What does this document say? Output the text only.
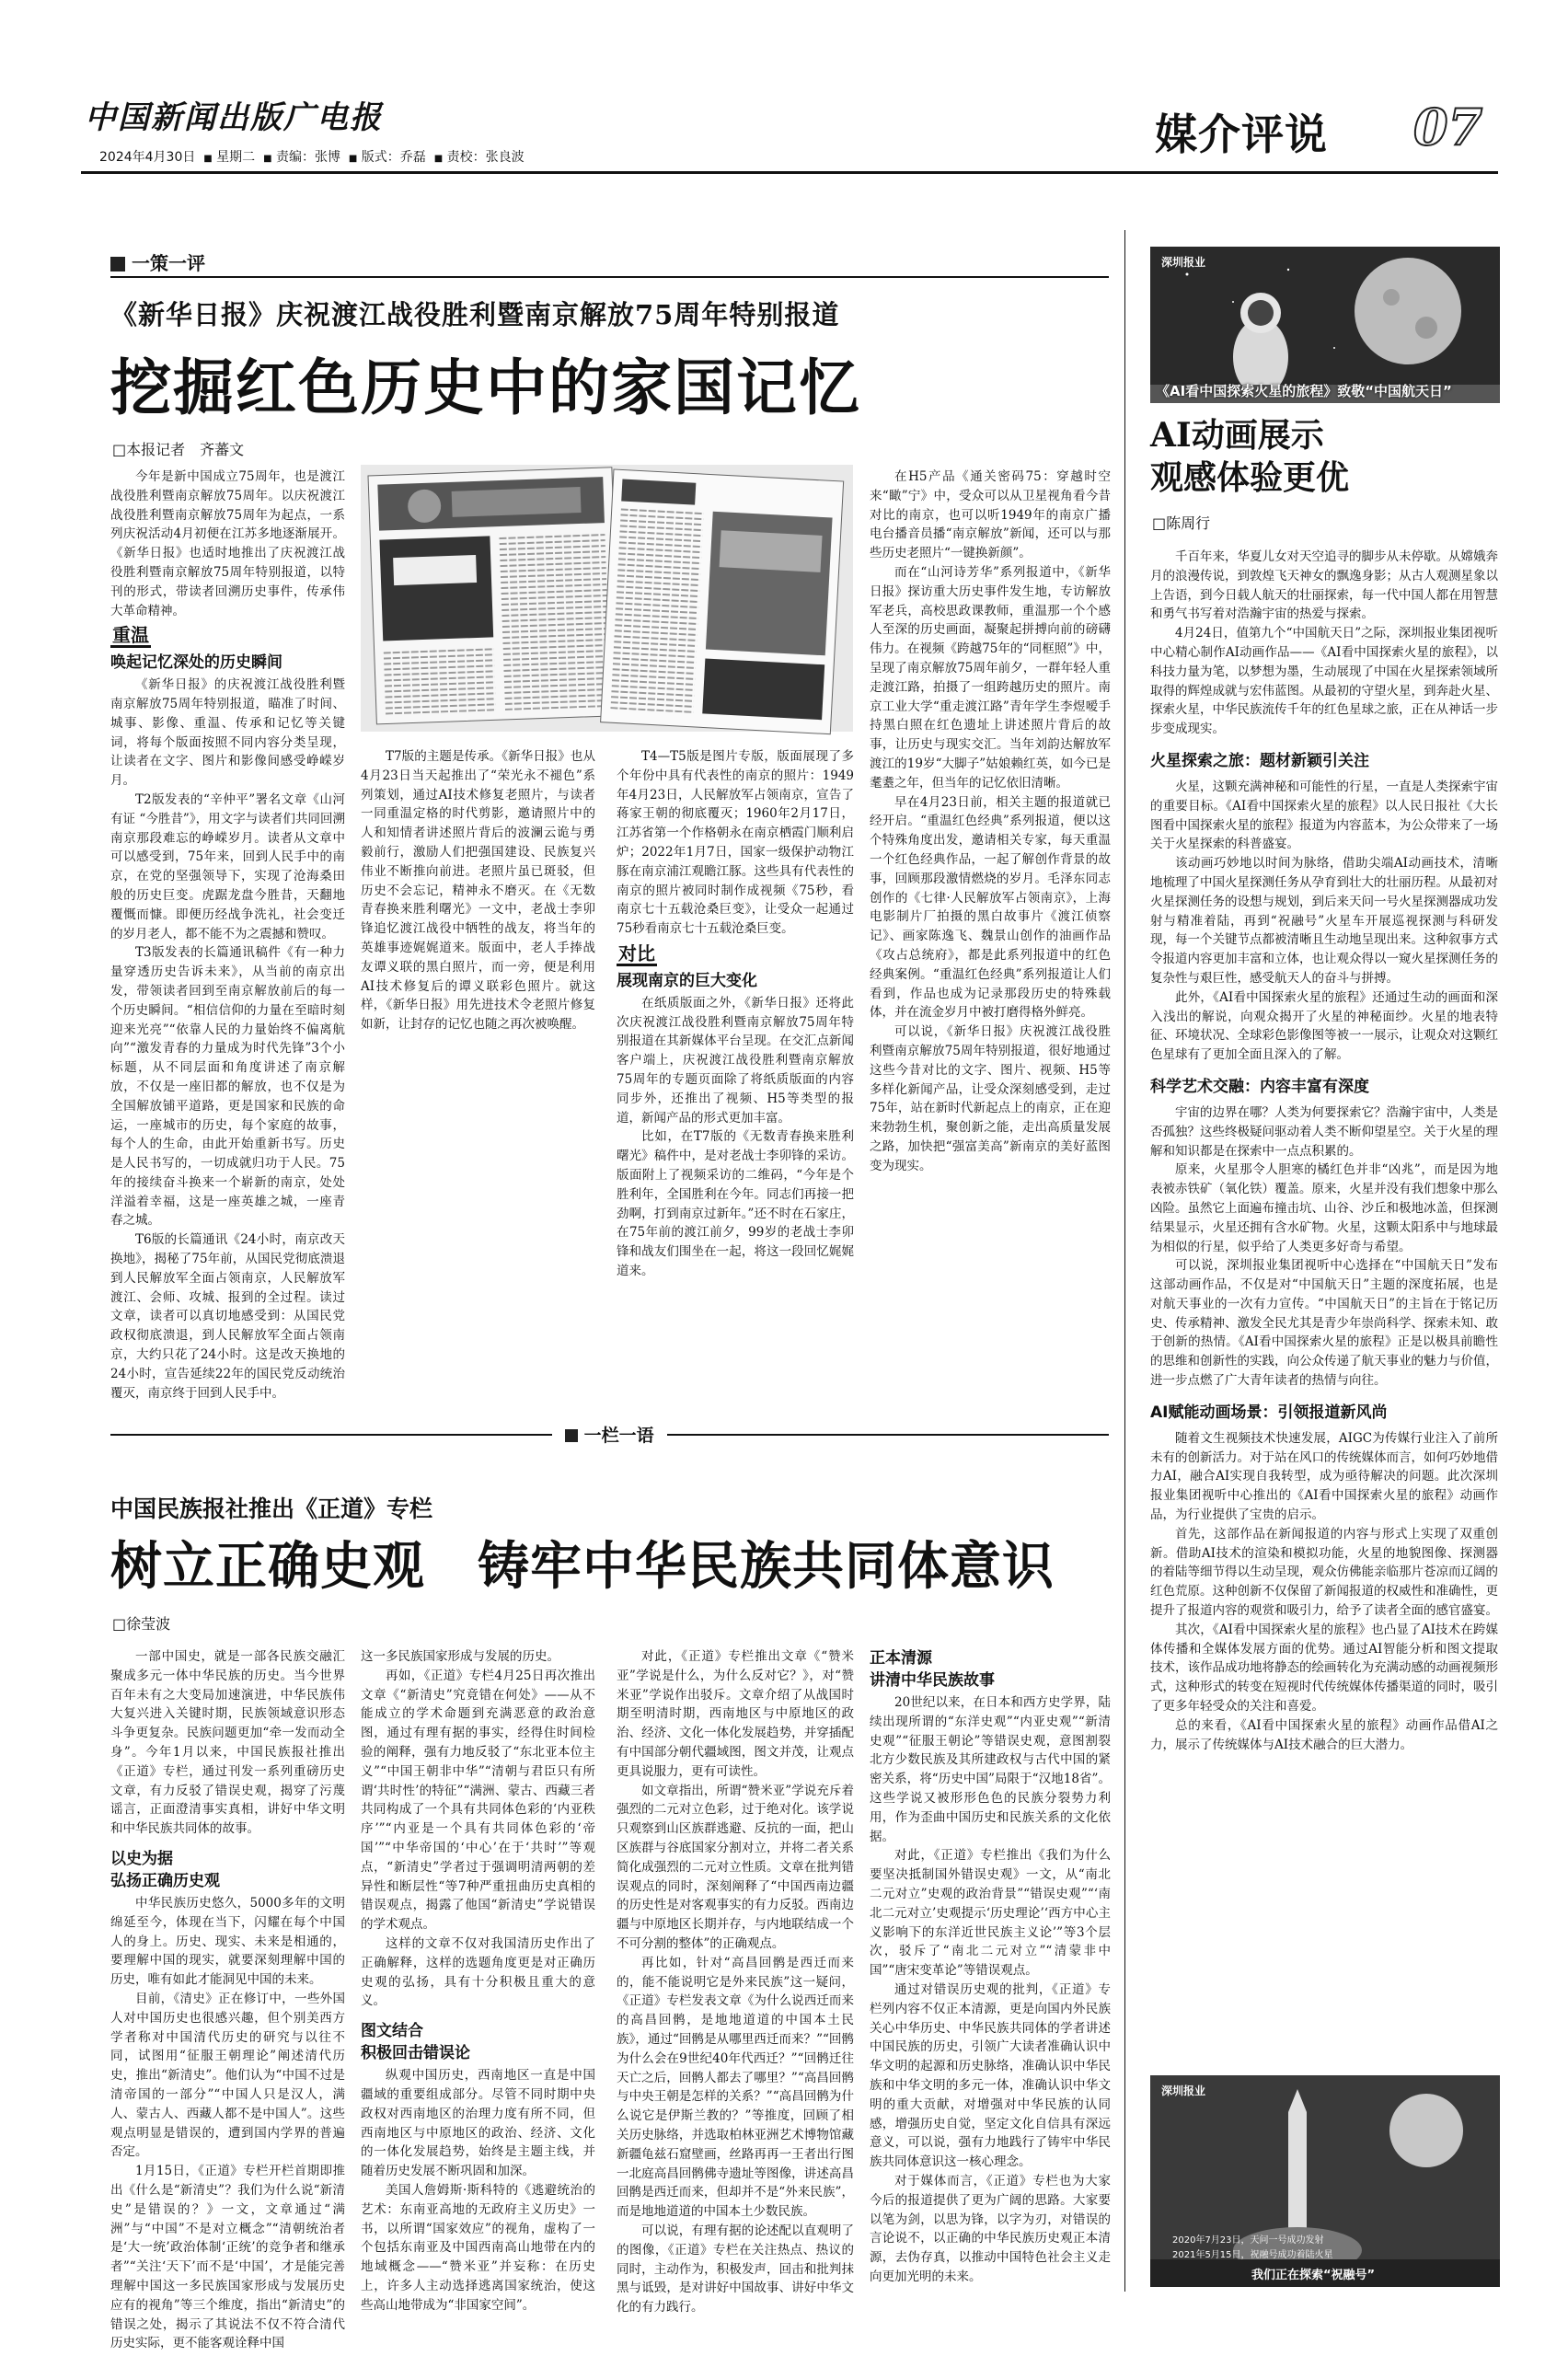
中国新闻出版广电报
2024年4月30日 ■ 星期二 ■ 责编：张博 ■ 版式：乔磊 ■ 责校：张良波	媒介评说 07
一策一评
《新华日报》庆祝渡江战役胜利暨南京解放75周年特别报道
挖掘红色历史中的家国记忆
□本报记者　齐蕃文

今年是新中国成立75周年，也是渡江战役胜利暨南京解放75周年。以庆祝渡江战役胜利暨南京解放75周年为起点，一系列庆祝活动4月初便在江苏多地逐渐展开。《新华日报》也适时地推出了庆祝渡江战役胜利暨南京解放75周年特别报道，以特刊的形式，带读者回溯历史事件，传承伟大革命精神。

重温
唤起记忆深处的历史瞬间

《新华日报》的庆祝渡江战役胜利暨南京解放75周年特别报道，瞄准了时间、城事、影像、重温、传承和记忆等关键词，将每个版面按照不同内容分类呈现，让读者在文字、图片和影像间感受峥嵘岁月。

T2版发表的“辛仲平”署名文章《山河有证 “今胜昔”》，用文字与读者们共同回溯南京那段难忘的峥嵘岁月。读者从文章中可以感受到，75年来，回到人民手中的南京，在党的坚强领导下，实现了沧海桑田般的历史巨变。虎踞龙盘今胜昔，天翻地覆慨而慷。即便历经战争洗礼，社会变迁的岁月老人，都不能不为之震撼和赞叹。

T3版发表的长篇通讯稿件《有一种力量穿透历史告诉未来》，从当前的南京出发，带领读者回到至南京解放前后的每一个历史瞬间。“相信信仰的力量在至暗时刻迎来光亮”“依靠人民的力量始终不偏离航向”“激发青春的力量成为时代先锋”3个小标题，从不同层面和角度讲述了南京解放，不仅是一座旧都的解放，也不仅是为全国解放铺平道路，更是国家和民族的命运，一座城市的历史，每个家庭的故事，每个人的生命，由此开始重新书写。历史是人民书写的，一切成就归功于人民。75年的接续奋斗换来一个崭新的南京，处处洋溢着幸福，这是一座英雄之城，一座青春之城。

T6版的长篇通讯《24小时，南京改天换地》，揭秘了75年前，从国民党彻底溃退到人民解放军全面占领南京，人民解放军渡江、会师、攻城、报到的全过程。读过文章，读者可以真切地感受到：从国民党政权彻底溃退，到人民解放军全面占领南京，大约只花了24小时。这是改天换地的24小时，宣告延续22年的国民党反动统治覆灭，南京终于回到人民手中。

T7版的主题是传承。《新华日报》也从4月23日当天起推出了“荣光永不褪色”系列策划，通过AI技术修复老照片，与读者一同重温定格的时代剪影，邀请照片中的人和知情者讲述照片背后的波澜云诡与勇毅前行，激励人们把强国建设、民族复兴伟业不断推向前进。老照片虽已斑驳，但历史不会忘记，精神永不磨灭。在《无数青春换来胜利曙光》一文中，老战士李卯锋追忆渡江战役中牺牲的战友，将当年的英雄事迹娓娓道来。版面中，老人手捧战友谭义联的黑白照片，而一旁，便是利用AI技术修复后的谭义联彩色照片。就这样，《新华日报》用先进技术令老照片修复如新，让封存的记忆也随之再次被唤醒。

T4—T5版是图片专版，版面展现了多个年份中具有代表性的南京的照片：1949年4月23日，人民解放军占领南京，宣告了蒋家王朝的彻底覆灭；1960年2月17日，江苏省第一个作格朝永在南京栖霞门顺利启炉；2022年1月7日，国家一级保护动物江豚在南京浦江观瞻江豚。这些具有代表性的南京的照片被同时制作成视频《75秒，看南京七十五载沧桑巨变》，让受众一起通过75秒看南京七十五载沧桑巨变。

对比
展现南京的巨大变化

在纸质版面之外，《新华日报》还将此次庆祝渡江战役胜利暨南京解放75周年特别报道在其新媒体平台呈现。在交汇点新闻客户端上，庆祝渡江战役胜利暨南京解放75周年的专题页面除了将纸质版面的内容同步外，还推出了视频、H5等类型的报道，新闻产品的形式更加丰富。

比如，在T7版的《无数青春换来胜利曙光》稿件中，是对老战士李卯锋的采访。版面附上了视频采访的二维码，“今年是个胜利年，全国胜利在今年。同志们再接一把劲啊，打到南京过新年。”还不时在石家庄，在75年前的渡江前夕，99岁的老战士李卯锋和战友们围坐在一起，将这一段回忆娓娓道来。

在H5产品《通关密码75：穿越时空来“瞰”宁》中，受众可以从卫星视角看今昔对比的南京，也可以听1949年的南京广播电台播音员播“南京解放”新闻，还可以与那些历史老照片“一键换新颜”。

而在“山河诗芳华”系列报道中，《新华日报》探访重大历史事件发生地，专访解放军老兵，高校思政课教师，重温那一个个感人至深的历史画面，凝聚起拼搏向前的磅礴伟力。在视频《跨越75年的“同框照”》中，呈现了南京解放75周年前夕，一群年轻人重走渡江路，拍摄了一组跨越历史的照片。南京工业大学“重走渡江路”青年学生李煜嗳手持黑白照在红色遗址上讲述照片背后的故事，让历史与现实交汇。当年刘韵达解放军渡江的19岁“大脚子”姑娘赖红英，如今已是耄耋之年，但当年的记忆依旧清晰。

早在4月23日前，相关主题的报道就已经开启。“重温红色经典”系列报道，便以这个特殊角度出发，邀请相关专家，每天重温一个红色经典作品，一起了解创作背景的故事，回顾那段激情燃烧的岁月。毛泽东同志创作的《七律·人民解放军占领南京》，上海电影制片厂拍摄的黑白故事片《渡江侦察记》、画家陈逸飞、魏景山创作的油画作品《攻占总统府》，都是此系列报道中的红色经典案例。“重温红色经典”系列报道让人们看到，作品也成为记录那段历史的特殊载体，并在流金岁月中被打磨得格外鲜亮。

可以说，《新华日报》庆祝渡江战役胜利暨南京解放75周年特别报道，很好地通过这些今昔对比的文字、图片、视频、H5等多样化新闻产品，让受众深刻感受到，走过75年，站在新时代新起点上的南京，正在迎来勃勃生机，聚创新之能，走出高质量发展之路，加快把“强富美高”新南京的美好蓝图变为现实。

一栏一语
中国民族报社推出《正道》专栏
树立正确史观　铸牢中华民族共同体意识
□徐莹波

一部中国史，就是一部各民族交融汇聚成多元一体中华民族的历史。当今世界百年未有之大变局加速演进，中华民族伟大复兴进入关键时期，民族领域意识形态斗争更复杂。民族问题更加“牵一发而动全身”。今年1月以来，中国民族报社推出《正道》专栏，通过刊发一系列重磅历史文章，有力反驳了错误史观，揭穿了污蔑谣言，正面澄清事实真相，讲好中华文明和中华民族共同体的故事。

以史为据
弘扬正确历史观

中华民族历史悠久，5000多年的文明绵延至今，体现在当下，闪耀在每个中国人的身上。历史、现实、未来是相通的，要理解中国的现实，就要深刻理解中国的历史，唯有如此才能洞见中国的未来。

目前，《清史》正在修订中，一些外国人对中国历史也很感兴趣，但个别美西方学者称对中国清代历史的研究与以往不同，试图用“征服王朝理论”阐述清代历史，推出“新清史”。他们认为“中国不过是清帝国的一部分”“中国人只是汉人，满人、蒙古人、西藏人都不是中国人”。这些观点明显是错误的，遭到国内学界的普遍否定。

1月15日，《正道》专栏开栏首期即推出《什么是“新清史”？我们为什么说“新清史”是错误的？》一文，文章通过“满洲”与“中国”不是对立概念”“清朝统治者是‘大一统’政治体制‘正统’的竞争者和继承者”“关注‘天下’而不是‘中国’，才是能完善理解中国这一多民族国家形成与发展历史应有的视角”等三个维度，指出“新清史”的错误之处，揭示了其说法不仅不符合清代历史实际，更不能客观诠释中国

这一多民族国家形成与发展的历史。

再如，《正道》专栏4月25日再次推出文章《“新清史”究竟错在何处》——从不能成立的学术命题到充满恶意的政治意图，通过有理有据的事实，经得住时间检验的阐释，强有力地反驳了“东北亚本位主义”“中国王朝非中华”“清朝与君臣只有所谓‘共时性’的特征”“满洲、蒙古、西藏三者共同构成了一个具有共同体色彩的‘内亚秩序’”“内亚是一个具有共同体色彩的‘帝国’”“中华帝国的‘中心’在于‘共时’”等观点，“新清史”学者过于强调明清两朝的差异性和断层性“等7种严重扭曲历史真相的错误观点，揭露了他国“新清史”学说错误的学术观点。

这样的文章不仅对我国清历史作出了正确解释，这样的选题角度更是对正确历史观的弘扬，具有十分积极且重大的意义。

图文结合
积极回击错误论

纵观中国历史，西南地区一直是中国疆域的重要组成部分。尽管不同时期中央政权对西南地区的治理力度有所不同，但西南地区与中原地区的政治、经济、文化的一体化发展趋势，始终是主题主线，并随着历史发展不断巩固和加深。

美国人詹姆斯·斯科特的《逃避统治的艺术：东南亚高地的无政府主义历史》一书，以所谓“国家效应”的视角，虚构了一个包括东南亚及中国西南高山地带在内的地域概念——“赞米亚”并妄称：在历史上，许多人主动选择逃离国家统治，使这些高山地带成为“非国家空间”。

对此，《正道》专栏推出文章《“赞米亚”学说是什么，为什么反对它？》，对“赞米亚”学说作出驳斥。文章介绍了从战国时期至明清时期，西南地区与中原地区的政治、经济、文化一体化发展趋势，并穿插配有中国部分朝代疆域图，图文并茂，让观点更具说服力，更有可读性。

如文章指出，所谓“赞米亚”学说充斥着强烈的二元对立色彩，过于绝对化。该学说只观察到山区族群逃避、反抗的一面，把山区族群与谷底国家分割对立，并将二者关系简化成强烈的二元对立性质。文章在批判错误观点的同时，深刻阐释了“中国西南边疆的历史性是对客观事实的有力反驳。西南边疆与中原地区长期并存，与内地联结成一个不可分割的整体”的正确观点。

再比如，针对“高昌回鹘是西迁而来的，能不能说明它是外来民族”这一疑问，《正道》专栏发表文章《为什么说西迁而来的高昌回鹘，是地地道道的中国本土民族》，通过“回鹘是从哪里西迁而来？”“回鹘为什么会在9世纪40年代西迁？”“回鹘迁往天亡之后，回鹘人都去了哪里？”“高昌回鹘与中央王朝是怎样的关系？”“高昌回鹘为什么说它是伊斯兰教的？”等推度，回顾了相关历史脉络，并选取柏林亚洲艺术博物馆藏新疆龟兹石窟壁画，丝路再再一王者出行图一北庭高昌回鹘佛寺遗址等图像，讲述高昌回鹘是西迁而来，但却并不是“外来民族”，而是地地道道的中国本土少数民族。

可以说，有理有据的论述配以直观明了的图像，《正道》专栏在关注热点、热议的同时，主动作为，积极发声，回击和批判抹黑与诋毁，是对讲好中国故事、讲好中华文化的有力践行。

正本清源
讲清中华民族故事

20世纪以来，在日本和西方史学界，陆续出现所谓的“东洋史观”“内亚史观”“新清史观”“征服王朝论”等错误史观，意图割裂北方少数民族及其所建政权与古代中国的紧密关系，将“历史中国”局限于“汉地18省”。这些学说又被形形色色的民族分裂势力利用，作为歪曲中国历史和民族关系的文化依据。

对此，《正道》专栏推出《我们为什么要坚决抵制国外错误史观》一文，从“南北二元对立”史观的政治背景”“错误史观”“‘南北二元对立’史观提示‘历史理论’‘西方中心主义影响下的东洋近世民族主义论’”等3个层次，驳斥了“南北二元对立”“清蒙非中国”“唐宋变革论”等错误观点。

通过对错误历史观的批判，《正道》专栏列内容不仅正本清源，更是向国内外民族关心中华历史、中华民族共同体的学者讲述中国民族的历史，引领广大读者准确认识中华文明的起源和历史脉络，准确认识中华民族和中华文明的多元一体，准确认识中华文明的重大贡献，对增强对中华民族的认同感，增强历史自觉，坚定文化自信具有深远意义，可以说，强有力地践行了铸牢中华民族共同体意识这一核心理念。

对于媒体而言，《正道》专栏也为大家今后的报道提供了更为广阔的思路。大家要以笔为剑，以思为锋，以字为刃，对错误的言论说不，以正确的中华民族历史观正本清源，去伪存真，以推动中国特色社会主义走向更加光明的未来。

深圳报业
《AI看中国探索火星的旅程》致敬“中国航天日”
AI动画展示
观感体验更优
□陈周行

千百年来，华夏儿女对天空追寻的脚步从未停歇。从嫦娥奔月的浪漫传说，到敦煌飞天神女的飘逸身影；从古人观测星象以上告语，到今日载人航天的壮丽探索，每一代中国人都在用智慧和勇气书写着对浩瀚宇宙的热爱与探索。

4月24日，值第九个“中国航天日”之际，深圳报业集团视听中心精心制作AI动画作品——《AI看中国探索火星的旅程》，以科技力量为笔，以梦想为墨，生动展现了中国在火星探索领域所取得的辉煌成就与宏伟蓝图。从最初的守望火星，到奔赴火星、探索火星，中华民族流传千年的红色星球之旅，正在从神话一步步变成现实。

火星探索之旅：题材新颖引关注

火星，这颗充满神秘和可能性的行星，一直是人类探索宇宙的重要目标。《AI看中国探索火星的旅程》以人民日报社《大长图看中国探索火星的旅程》报道为内容蓝本，为公众带来了一场关于火星探索的科普盛宴。

该动画巧妙地以时间为脉络，借助尖端AI动画技术，清晰地梳理了中国火星探测任务从孕育到壮大的壮丽历程。从最初对火星探测任务的设想与规划，到后来天问一号火星探测器成功发射与精准着陆，再到“祝融号”火星车开展巡视探测与科研发现，每一个关键节点都被清晰且生动地呈现出来。这种叙事方式令报道内容更加丰富和立体，也让观众得以一窥火星探测任务的复杂性与艰巨性，感受航天人的奋斗与拼搏。

此外，《AI看中国探索火星的旅程》还通过生动的画面和深入浅出的解说，向观众揭开了火星的神秘面纱。火星的地表特征、环境状况、全球彩色影像图等被一一展示，让观众对这颗红色星球有了更加全面且深入的了解。

科学艺术交融：内容丰富有深度

宇宙的边界在哪？人类为何要探索它？浩瀚宇宙中，人类是否孤独？这些终极疑问驱动着人类不断仰望星空。关于火星的理解和知识都是在探索中一点点积累的。

原来，火星那令人胆寒的橘红色并非“凶兆”，而是因为地表被赤铁矿（氧化铁）覆盖。原来，火星并没有我们想象中那么凶险。虽然它上面遍布撞击坑、山谷、沙丘和极地冰盖，但探测结果显示，火星还拥有含水矿物。火星，这颗太阳系中与地球最为相似的行星，似乎给了人类更多好奇与希望。

可以说，深圳报业集团视听中心选择在“中国航天日”发布这部动画作品，不仅是对“中国航天日”主题的深度拓展，也是对航天事业的一次有力宣传。“中国航天日”的主旨在于铭记历史、传承精神、激发全民尤其是青少年崇尚科学、探索未知、敢于创新的热情。《AI看中国探索火星的旅程》正是以极具前瞻性的思维和创新性的实践，向公众传递了航天事业的魅力与价值，进一步点燃了广大青年读者的热情与向往。

AI赋能动画场景：引领报道新风尚

随着文生视频技术快速发展，AIGC为传媒行业注入了前所未有的创新活力。对于站在风口的传统媒体而言，如何巧妙地借力AI，融合AI实现自我转型，成为亟待解决的问题。此次深圳报业集团视听中心推出的《AI看中国探索火星的旅程》动画作品，为行业提供了宝贵的启示。

首先，这部作品在新闻报道的内容与形式上实现了双重创新。借助AI技术的渲染和模拟功能，火星的地貌图像、探测器的着陆等细节得以生动呈现，观众仿佛能亲临那片苍凉而辽阔的红色荒原。这种创新不仅保留了新闻报道的权威性和准确性，更提升了报道内容的观赏和吸引力，给予了读者全面的感官盛宴。

其次，《AI看中国探索火星的旅程》也凸显了AI技术在跨媒体传播和全媒体发展方面的优势。通过AI智能分析和图文提取技术，该作品成功地将静态的绘画转化为充满动感的动画视频形式，这种形式的转变在短视时代传统媒体传播渠道的同时，吸引了更多年轻受众的关注和喜爱。

总的来看，《AI看中国探索火星的旅程》动画作品借AI之力，展示了传统媒体与AI技术融合的巨大潜力。

深圳报业
2020年7月23日，天问一号成功发射
2021年5月15日，祝融号成功着陆火星
我们正在探索“祝融号”
